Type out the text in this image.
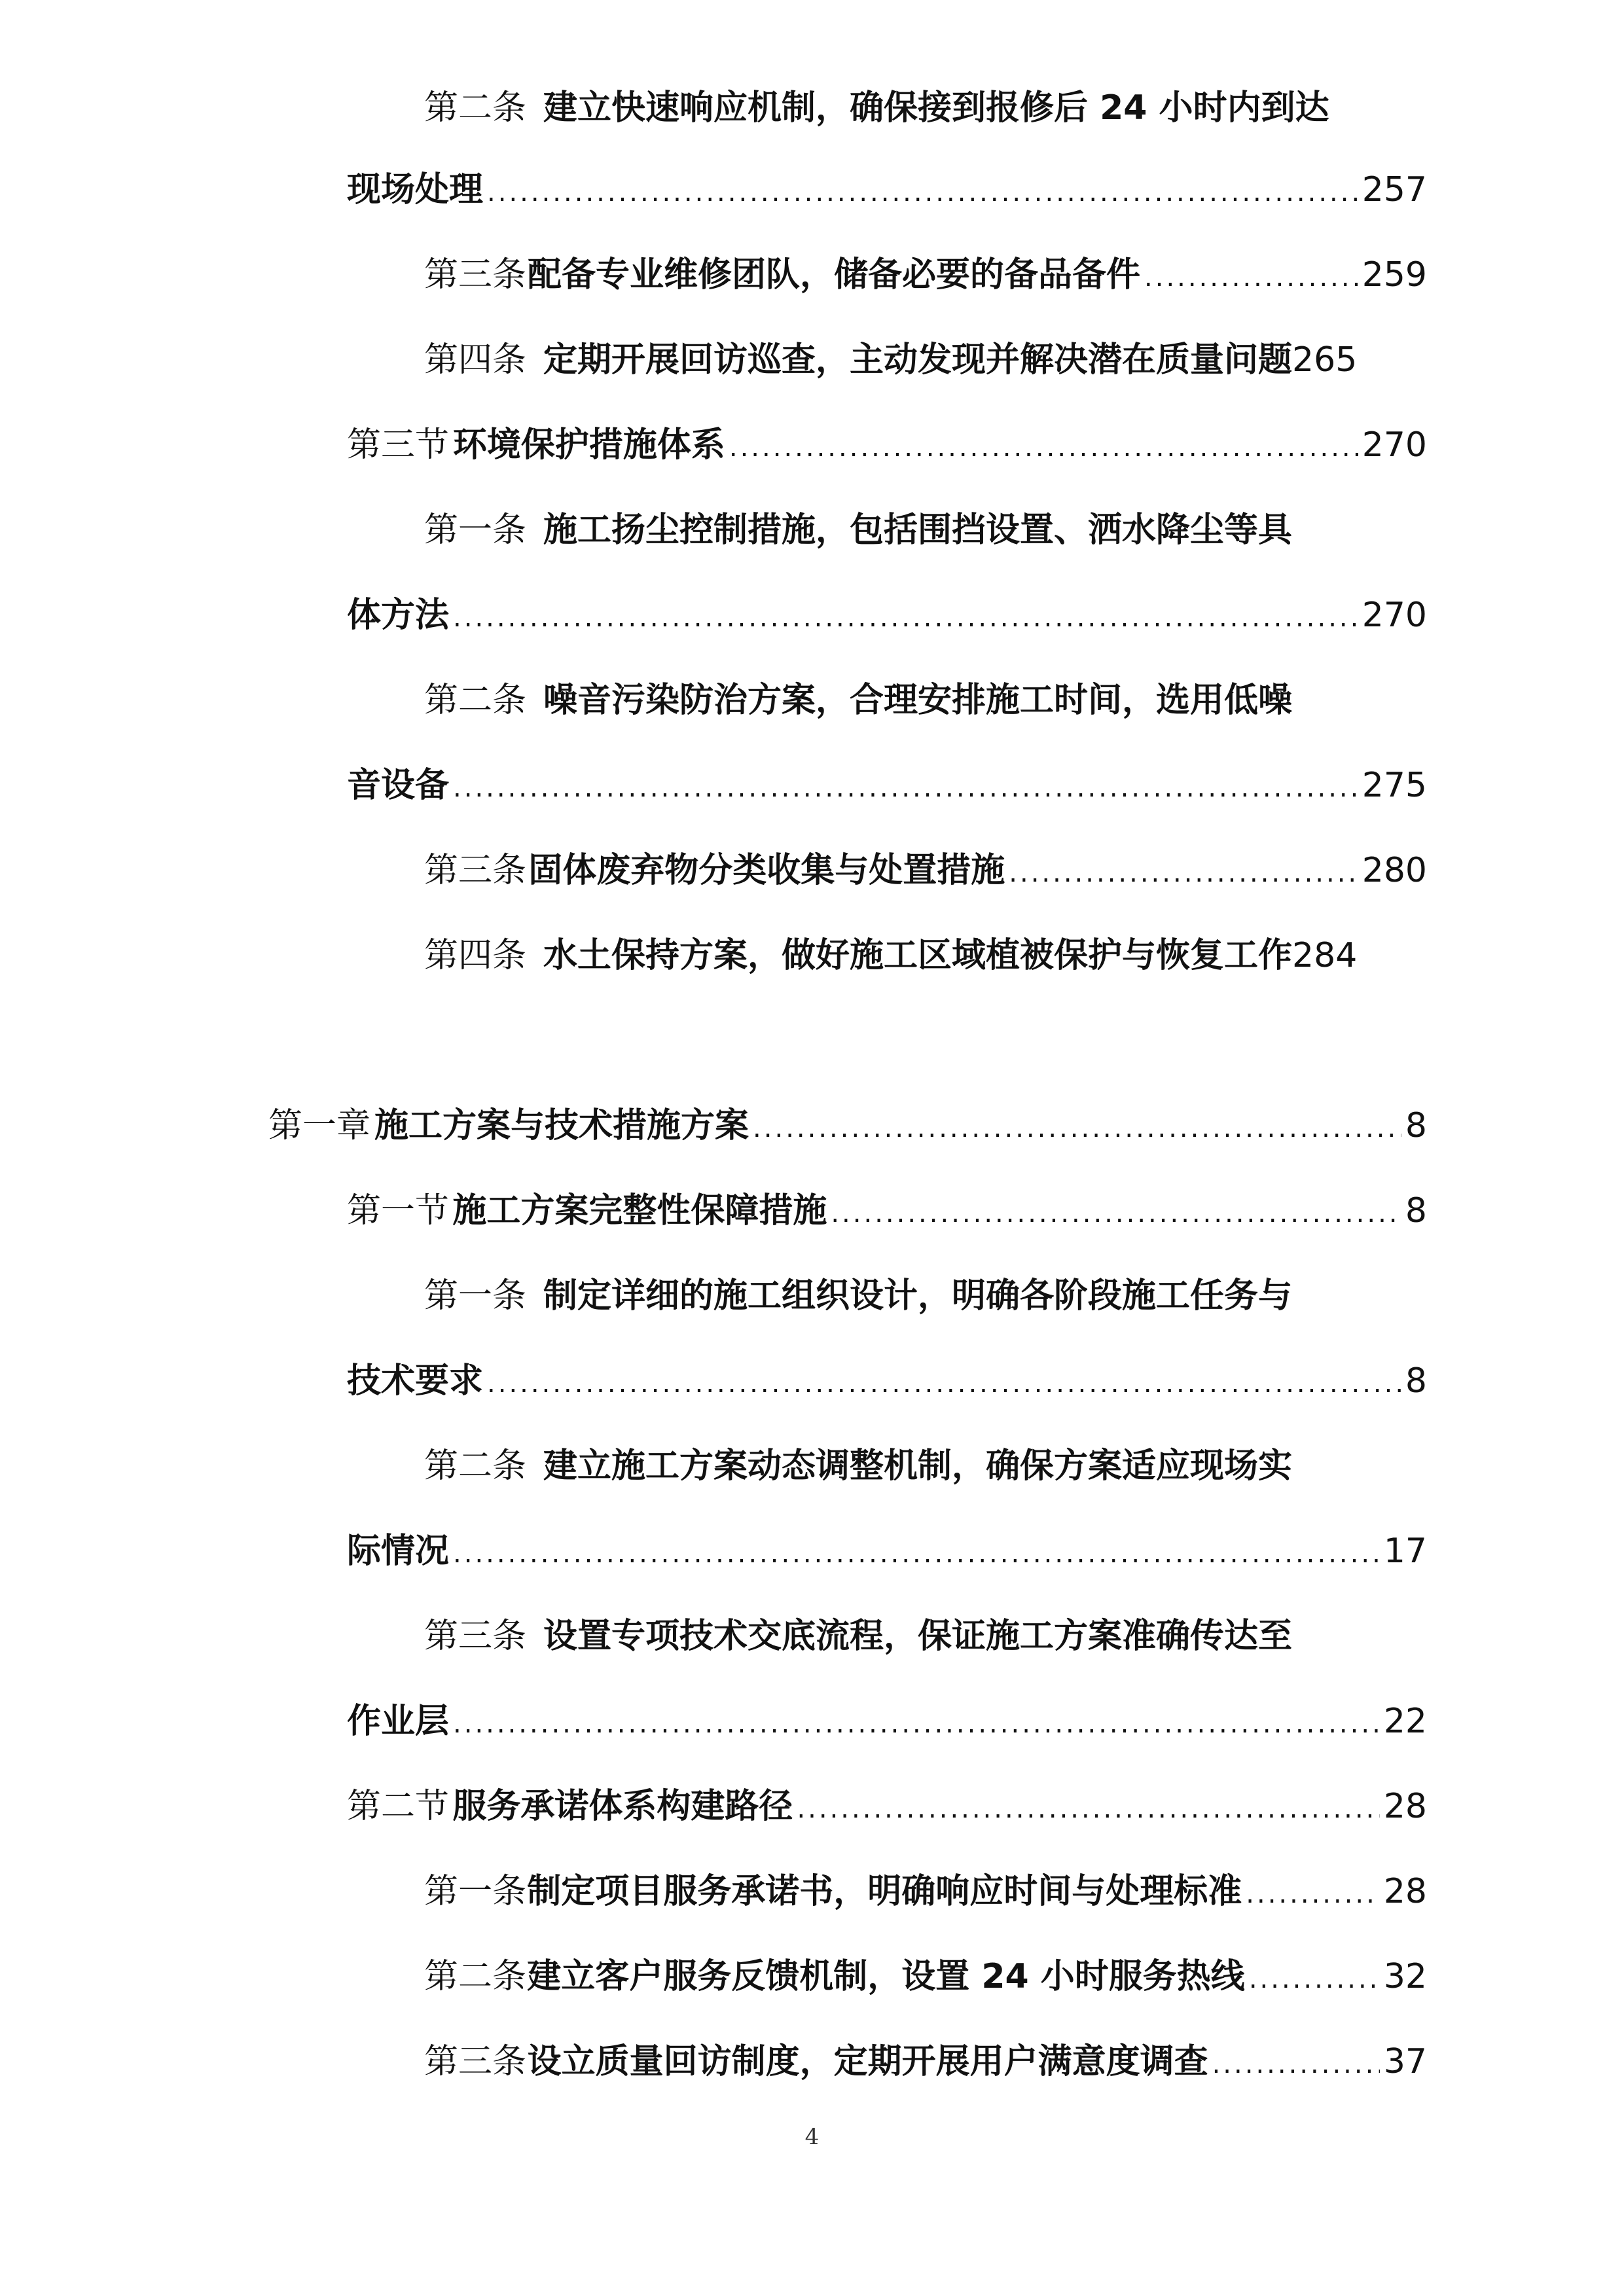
第二条 建立快速响应机制，确保接到报修后 24 小时内到达
现场处理 .....	257
第三条 配备专业维修团队，储备必要的备品备件 .....	259
第四条 定期开展回访巡查，主动发现并解决潜在质量问题 265
第三节 环境保护措施体系 .....	270
第一条 施工扬尘控制措施，包括围挡设置、洒水降尘等具
体方法 .....	270
第二条 噪音污染防治方案，合理安排施工时间，选用低噪
音设备 .....	275
第三条 固体废弃物分类收集与处置措施 .....	280
第四条 水土保持方案，做好施工区域植被保护与恢复工作 284
第一章 施工方案与技术措施方案 .....	8
第一节 施工方案完整性保障措施 .....	8
第一条 制定详细的施工组织设计，明确各阶段施工任务与
技术要求 .....	8
第二条 建立施工方案动态调整机制，确保方案适应现场实
际情况 .....	17
第三条 设置专项技术交底流程，保证施工方案准确传达至
作业层 .....	22
第二节 服务承诺体系构建路径 .....	28
第一条 制定项目服务承诺书，明确响应时间与处理标准 .....	28
第二条 建立客户服务反馈机制，设置 24 小时服务热线 .....	32
第三条 设立质量回访制度，定期开展用户满意度调查 .....	37
4
